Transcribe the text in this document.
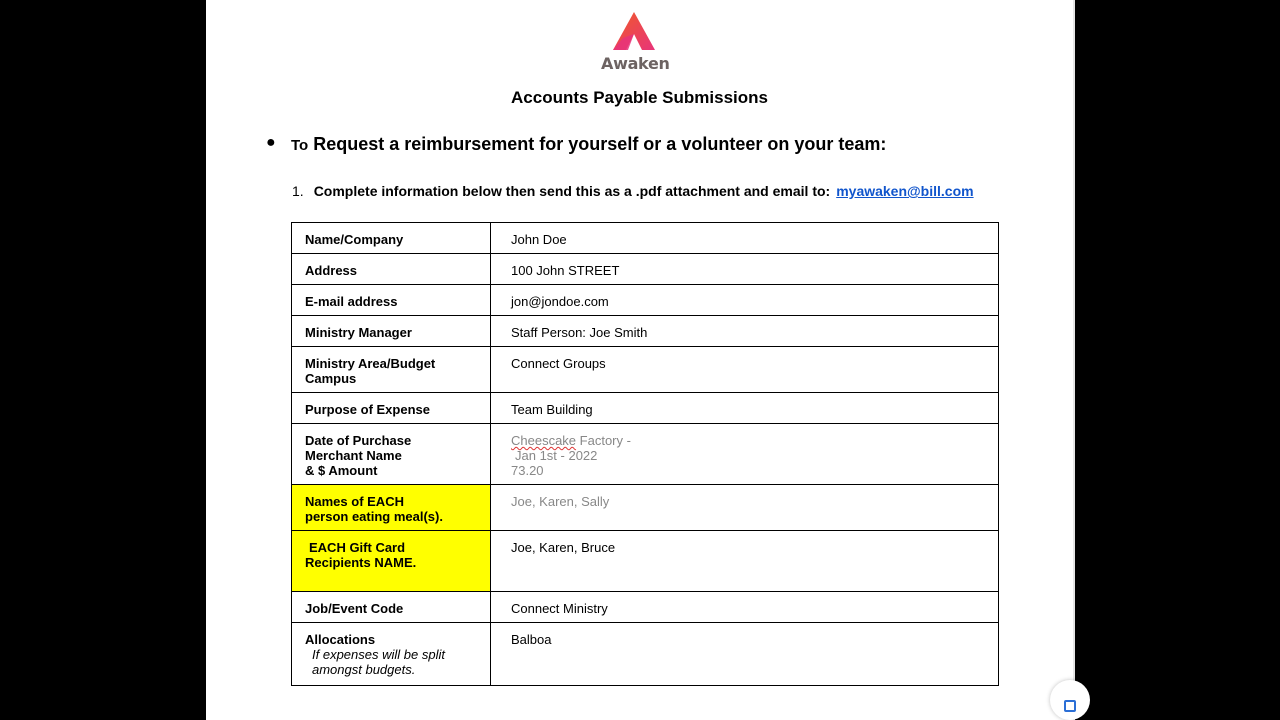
Awaken
Accounts Payable Submissions
● To Request a reimbursement for yourself or a volunteer on your team:
1. Complete information below then send this as a .pdf attachment and email to: myawaken@bill.com
Name/Company	John Doe
Address	100 John STREET
E-mail address	jon@jondoe.com
Ministry Manager	Staff Person: Joe Smith
Ministry Area/Budget
Campus	Connect Groups
Purpose of Expense	Team Building
Date of Purchase
Merchant Name
& $ Amount	Cheescake Factory -
Jan 1st - 2022
73.20
Names of EACH
person eating meal(s).	Joe, Karen, Sally
EACH Gift Card
Recipients NAME.	Joe, Karen, Bruce
Job/Event Code	Connect Ministry
Allocations

If expenses will be split
amongst budgets.	Balboa
